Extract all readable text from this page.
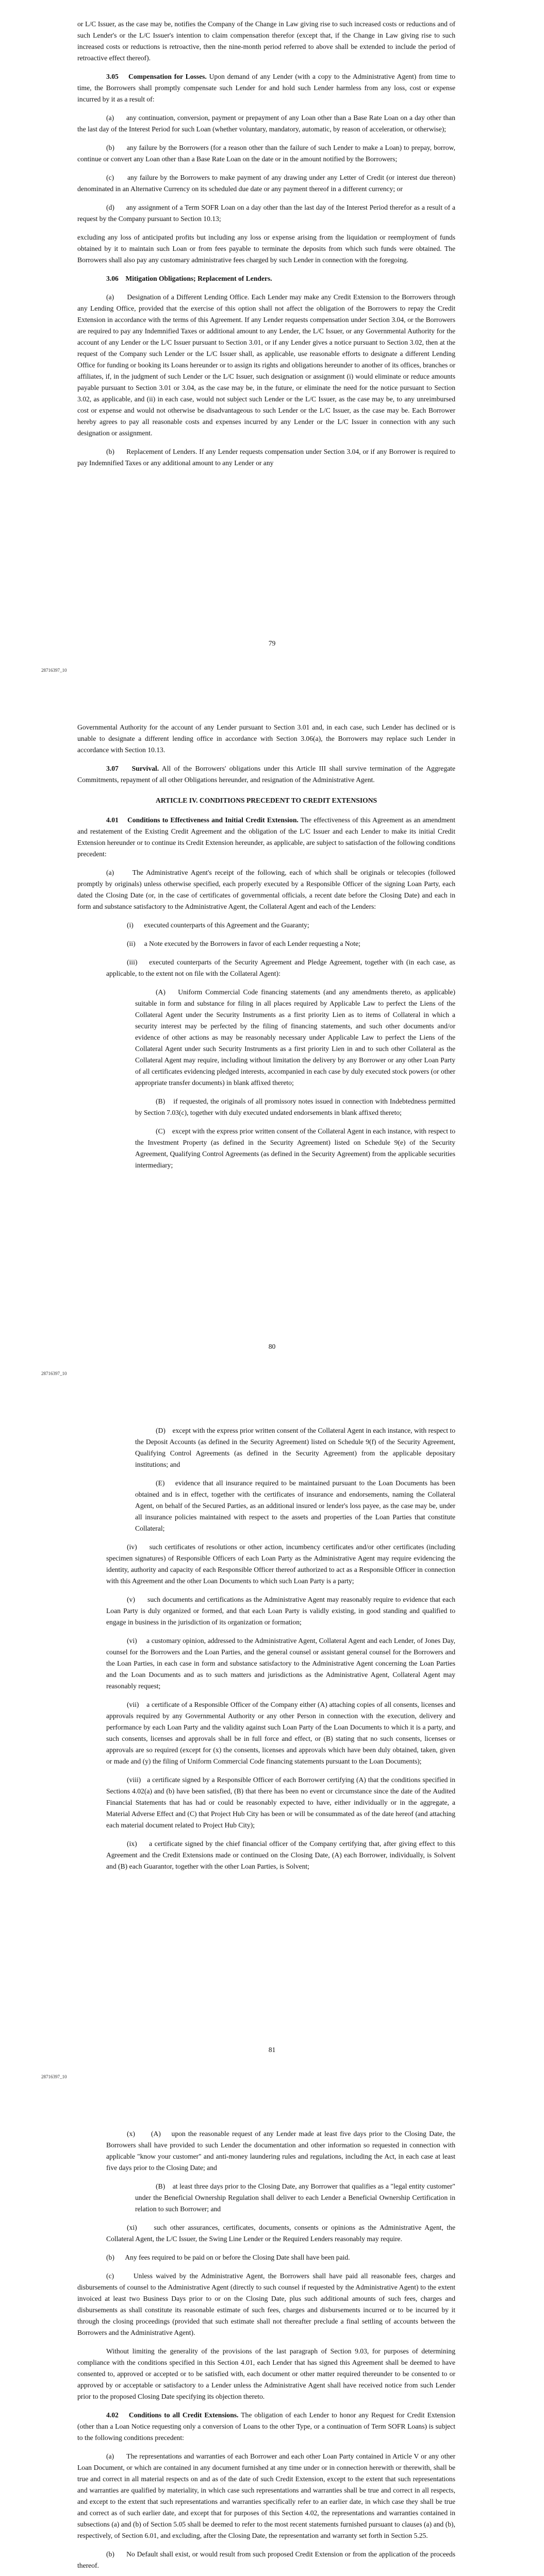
or L/C Issuer, as the case may be, notifies the Company of the Change in Law giving rise to such increased costs or reductions and of such Lender's or the L/C Issuer's intention to claim compensation therefor (except that, if the Change in Law giving rise to such increased costs or reductions is retroactive, then the nine-month period referred to above shall be extended to include the period of retroactive effect thereof).

3.05    Compensation for Losses. Upon demand of any Lender (with a copy to the Administrative Agent) from time to time, the Borrowers shall promptly compensate such Lender for and hold such Lender harmless from any loss, cost or expense incurred by it as a result of:

(a)      any continuation, conversion, payment or prepayment of any Loan other than a Base Rate Loan on a day other than the last day of the Interest Period for such Loan (whether voluntary, mandatory, automatic, by reason of acceleration, or otherwise);

(b)      any failure by the Borrowers (for a reason other than the failure of such Lender to make a Loan) to prepay, borrow, continue or convert any Loan other than a Base Rate Loan on the date or in the amount notified by the Borrowers;

(c)      any failure by the Borrowers to make payment of any drawing under any Letter of Credit (or interest due thereon) denominated in an Alternative Currency on its scheduled due date or any payment thereof in a different currency; or

(d)      any assignment of a Term SOFR Loan on a day other than the last day of the Interest Period therefor as a result of a request by the Company pursuant to Section 10.13;

excluding any loss of anticipated profits but including any loss or expense arising from the liquidation or reemployment of funds obtained by it to maintain such Loan or from fees payable to terminate the deposits from which such funds were obtained. The Borrowers shall also pay any customary administrative fees charged by such Lender in connection with the foregoing.

3.06    Mitigation Obligations; Replacement of Lenders.

(a)      Designation of a Different Lending Office. Each Lender may make any Credit Extension to the Borrowers through any Lending Office, provided that the exercise of this option shall not affect the obligation of the Borrowers to repay the Credit Extension in accordance with the terms of this Agreement. If any Lender requests compensation under Section 3.04, or the Borrowers are required to pay any Indemnified Taxes or additional amount to any Lender, the L/C Issuer, or any Governmental Authority for the account of any Lender or the L/C Issuer pursuant to Section 3.01, or if any Lender gives a notice pursuant to Section 3.02, then at the request of the Company such Lender or the L/C Issuer shall, as applicable, use reasonable efforts to designate a different Lending Office for funding or booking its Loans hereunder or to assign its rights and obligations hereunder to another of its offices, branches or affiliates, if, in the judgment of such Lender or the L/C Issuer, such designation or assignment (i) would eliminate or reduce amounts payable pursuant to Section 3.01 or 3.04, as the case may be, in the future, or eliminate the need for the notice pursuant to Section 3.02, as applicable, and (ii) in each case, would not subject such Lender or the L/C Issuer, as the case may be, to any unreimbursed cost or expense and would not otherwise be disadvantageous to such Lender or the L/C Issuer, as the case may be. Each Borrower hereby agrees to pay all reasonable costs and expenses incurred by any Lender or the L/C Issuer in connection with any such designation or assignment.

(b)      Replacement of Lenders. If any Lender requests compensation under Section 3.04, or if any Borrower is required to pay Indemnified Taxes or any additional amount to any Lender or any

79
28716397_10

Governmental Authority for the account of any Lender pursuant to Section 3.01 and, in each case, such Lender has declined or is unable to designate a different lending office in accordance with Section 3.06(a), the Borrowers may replace such Lender in accordance with Section 10.13.

3.07    Survival. All of the Borrowers' obligations under this Article III shall survive termination of the Aggregate Commitments, repayment of all other Obligations hereunder, and resignation of the Administrative Agent.

ARTICLE IV. CONDITIONS PRECEDENT TO CREDIT EXTENSIONS

4.01    Conditions to Effectiveness and Initial Credit Extension. The effectiveness of this Agreement as an amendment and restatement of the Existing Credit Agreement and the obligation of the L/C Issuer and each Lender to make its initial Credit Extension hereunder or to continue its Credit Extension hereunder, as applicable, are subject to satisfaction of the following conditions precedent:

(a)      The Administrative Agent's receipt of the following, each of which shall be originals or telecopies (followed promptly by originals) unless otherwise specified, each properly executed by a Responsible Officer of the signing Loan Party, each dated the Closing Date (or, in the case of certificates of governmental officials, a recent date before the Closing Date) and each in form and substance satisfactory to the Administrative Agent, the Collateral Agent and each of the Lenders:

(i)      executed counterparts of this Agreement and the Guaranty;

(ii)     a Note executed by the Borrowers in favor of each Lender requesting a Note;

(iii)    executed counterparts of the Security Agreement and Pledge Agreement, together with (in each case, as applicable, to the extent not on file with the Collateral Agent):

(A)    Uniform Commercial Code financing statements (and any amendments thereto, as applicable) suitable in form and substance for filing in all places required by Applicable Law to perfect the Liens of the Collateral Agent under the Security Instruments as a first priority Lien as to items of Collateral in which a security interest may be perfected by the filing of financing statements, and such other documents and/or evidence of other actions as may be reasonably necessary under Applicable Law to perfect the Liens of the Collateral Agent under such Security Instruments as a first priority Lien in and to such other Collateral as the Collateral Agent may require, including without limitation the delivery by any Borrower or any other Loan Party of all certificates evidencing pledged interests, accompanied in each case by duly executed stock powers (or other appropriate transfer documents) in blank affixed thereto;

(B)    if requested, the originals of all promissory notes issued in connection with Indebtedness permitted by Section 7.03(c), together with duly executed undated endorsements in blank affixed thereto;

(C)    except with the express prior written consent of the Collateral Agent in each instance, with respect to the Investment Property (as defined in the Security Agreement) listed on Schedule 9(e) of the Security Agreement, Qualifying Control Agreements (as defined in the Security Agreement) from the applicable securities intermediary;

80
28716397_10

(D)    except with the express prior written consent of the Collateral Agent in each instance, with respect to the Deposit Accounts (as defined in the Security Agreement) listed on Schedule 9(f) of the Security Agreement, Qualifying Control Agreements (as defined in the Security Agreement) from the applicable depositary institutions; and

(E)    evidence that all insurance required to be maintained pursuant to the Loan Documents has been obtained and is in effect, together with the certificates of insurance and endorsements, naming the Collateral Agent, on behalf of the Secured Parties, as an additional insured or lender's loss payee, as the case may be, under all insurance policies maintained with respect to the assets and properties of the Loan Parties that constitute Collateral;

(iv)     such certificates of resolutions or other action, incumbency certificates and/or other certificates (including specimen signatures) of Responsible Officers of each Loan Party as the Administrative Agent may require evidencing the identity, authority and capacity of each Responsible Officer thereof authorized to act as a Responsible Officer in connection with this Agreement and the other Loan Documents to which such Loan Party is a party;

(v)      such documents and certifications as the Administrative Agent may reasonably require to evidence that each Loan Party is duly organized or formed, and that each Loan Party is validly existing, in good standing and qualified to engage in business in the jurisdiction of its organization or formation;

(vi)     a customary opinion, addressed to the Administrative Agent, Collateral Agent and each Lender, of Jones Day, counsel for the Borrowers and the Loan Parties, and the general counsel or assistant general counsel for the Borrowers and the Loan Parties, in each case in form and substance satisfactory to the Administrative Agent concerning the Loan Parties and the Loan Documents and as to such matters and jurisdictions as the Administrative Agent, Collateral Agent may reasonably request;

(vii)    a certificate of a Responsible Officer of the Company either (A) attaching copies of all consents, licenses and approvals required by any Governmental Authority or any other Person in connection with the execution, delivery and performance by each Loan Party and the validity against such Loan Party of the Loan Documents to which it is a party, and such consents, licenses and approvals shall be in full force and effect, or (B) stating that no such consents, licenses or approvals are so required (except for (x) the consents, licenses and approvals which have been duly obtained, taken, given or made and (y) the filing of Uniform Commercial Code financing statements pursuant to the Loan Documents);

(viii)   a certificate signed by a Responsible Officer of each Borrower certifying (A) that the conditions specified in Sections 4.02(a) and (b) have been satisfied, (B) that there has been no event or circumstance since the date of the Audited Financial Statements that has had or could be reasonably expected to have, either individually or in the aggregate, a Material Adverse Effect and (C) that Project Hub City has been or will be consummated as of the date hereof (and attaching each material document related to Project Hub City);

(ix)     a certificate signed by the chief financial officer of the Company certifying that, after giving effect to this Agreement and the Credit Extensions made or continued on the Closing Date, (A) each Borrower, individually, is Solvent and (B) each Guarantor, together with the other Loan Parties, is Solvent;

81
28716397_10

(x)      (A)    upon the reasonable request of any Lender made at least five days prior to the Closing Date, the Borrowers shall have provided to such Lender the documentation and other information so requested in connection with applicable "know your customer" and anti-money laundering rules and regulations, including the Act, in each case at least five days prior to the Closing Date; and

(B)    at least three days prior to the Closing Date, any Borrower that qualifies as a "legal entity customer" under the Beneficial Ownership Regulation shall deliver to each Lender a Beneficial Ownership Certification in relation to such Borrower; and

(xi)     such other assurances, certificates, documents, consents or opinions as the Administrative Agent, the Collateral Agent, the L/C Issuer, the Swing Line Lender or the Required Lenders reasonably may require.

(b)      Any fees required to be paid on or before the Closing Date shall have been paid.

(c)      Unless waived by the Administrative Agent, the Borrowers shall have paid all reasonable fees, charges and disbursements of counsel to the Administrative Agent (directly to such counsel if requested by the Administrative Agent) to the extent invoiced at least two Business Days prior to or on the Closing Date, plus such additional amounts of such fees, charges and disbursements as shall constitute its reasonable estimate of such fees, charges and disbursements incurred or to be incurred by it through the closing proceedings (provided that such estimate shall not thereafter preclude a final settling of accounts between the Borrowers and the Administrative Agent).

Without limiting the generality of the provisions of the last paragraph of Section 9.03, for purposes of determining compliance with the conditions specified in this Section 4.01, each Lender that has signed this Agreement shall be deemed to have consented to, approved or accepted or to be satisfied with, each document or other matter required thereunder to be consented to or approved by or acceptable or satisfactory to a Lender unless the Administrative Agent shall have received notice from such Lender prior to the proposed Closing Date specifying its objection thereto.

4.02    Conditions to all Credit Extensions. The obligation of each Lender to honor any Request for Credit Extension (other than a Loan Notice requesting only a conversion of Loans to the other Type, or a continuation of Term SOFR Loans) is subject to the following conditions precedent:

(a)      The representations and warranties of each Borrower and each other Loan Party contained in Article V or any other Loan Document, or which are contained in any document furnished at any time under or in connection herewith or therewith, shall be true and correct in all material respects on and as of the date of such Credit Extension, except to the extent that such representations and warranties are qualified by materiality, in which case such representations and warranties shall be true and correct in all respects, and except to the extent that such representations and warranties specifically refer to an earlier date, in which case they shall be true and correct as of such earlier date, and except that for purposes of this Section 4.02, the representations and warranties contained in subsections (a) and (b) of Section 5.05 shall be deemed to refer to the most recent statements furnished pursuant to clauses (a) and (b), respectively, of Section 6.01, and excluding, after the Closing Date, the representation and warranty set forth in Section 5.25.

(b)      No Default shall exist, or would result from such proposed Credit Extension or from the application of the proceeds thereof.
